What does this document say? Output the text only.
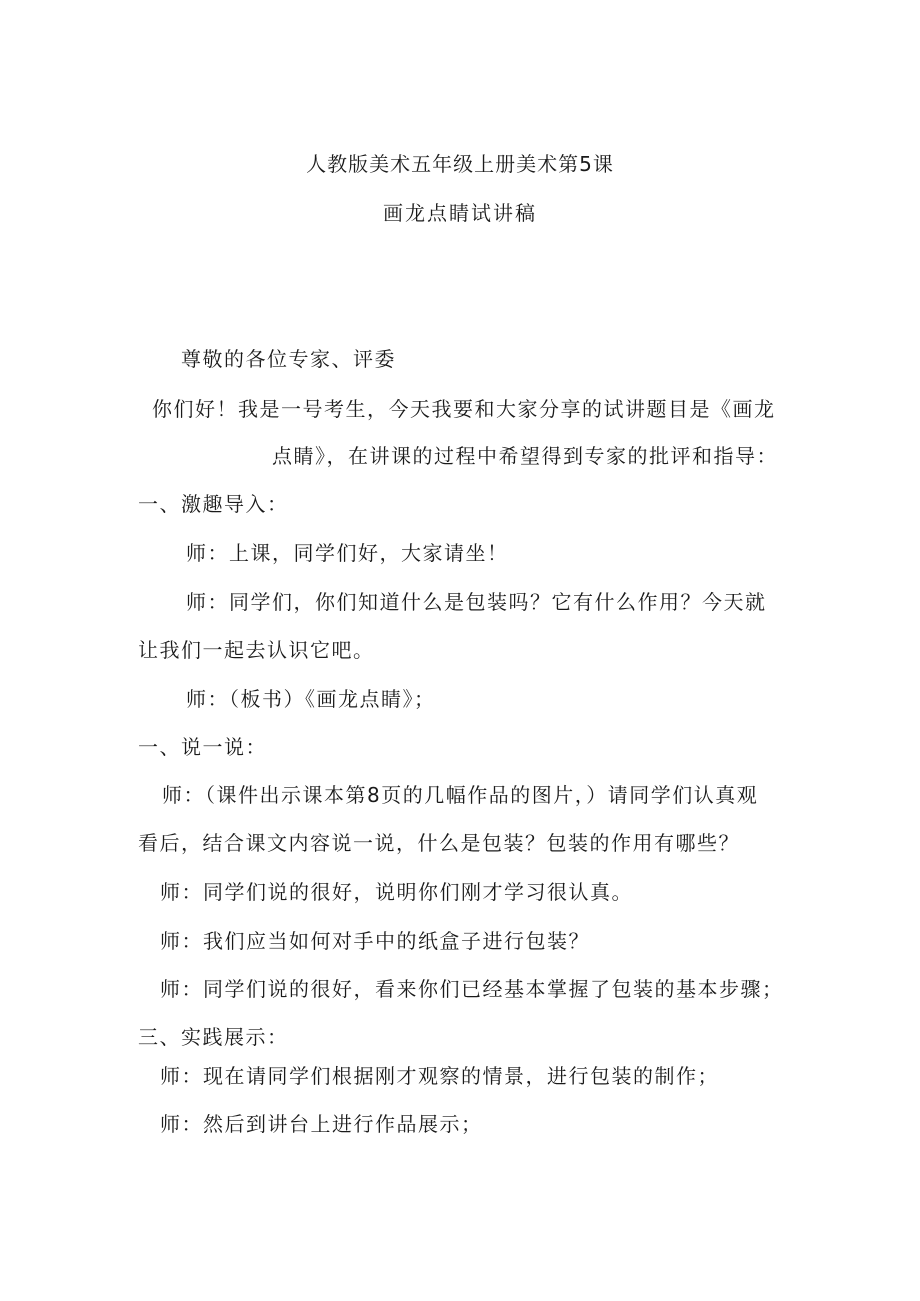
人教版美术五年级上册美术第5课
画龙点睛试讲稿
尊敬的各位专家、评委
你们好！我是一号考生，今天我要和大家分享的试讲题目是《画龙
点睛》，在讲课的过程中希望得到专家的批评和指导：
一、激趣导入：
师：上课，同学们好，大家请坐！
师：同学们，你们知道什么是包装吗？它有什么作用？今天就
让我们一起去认识它吧。
师：（板书）《画龙点睛》；
一、说一说：
师：（课件出示课本第8页的几幅作品的图片，）请同学们认真观
看后，结合课文内容说一说，什么是包装？包装的作用有哪些？
师：同学们说的很好，说明你们刚才学习很认真。
师：我们应当如何对手中的纸盒子进行包装？
师：同学们说的很好，看来你们已经基本掌握了包装的基本步骤；
三、实践展示：
师：现在请同学们根据刚才观察的情景，进行包装的制作；
师：然后到讲台上进行作品展示；
